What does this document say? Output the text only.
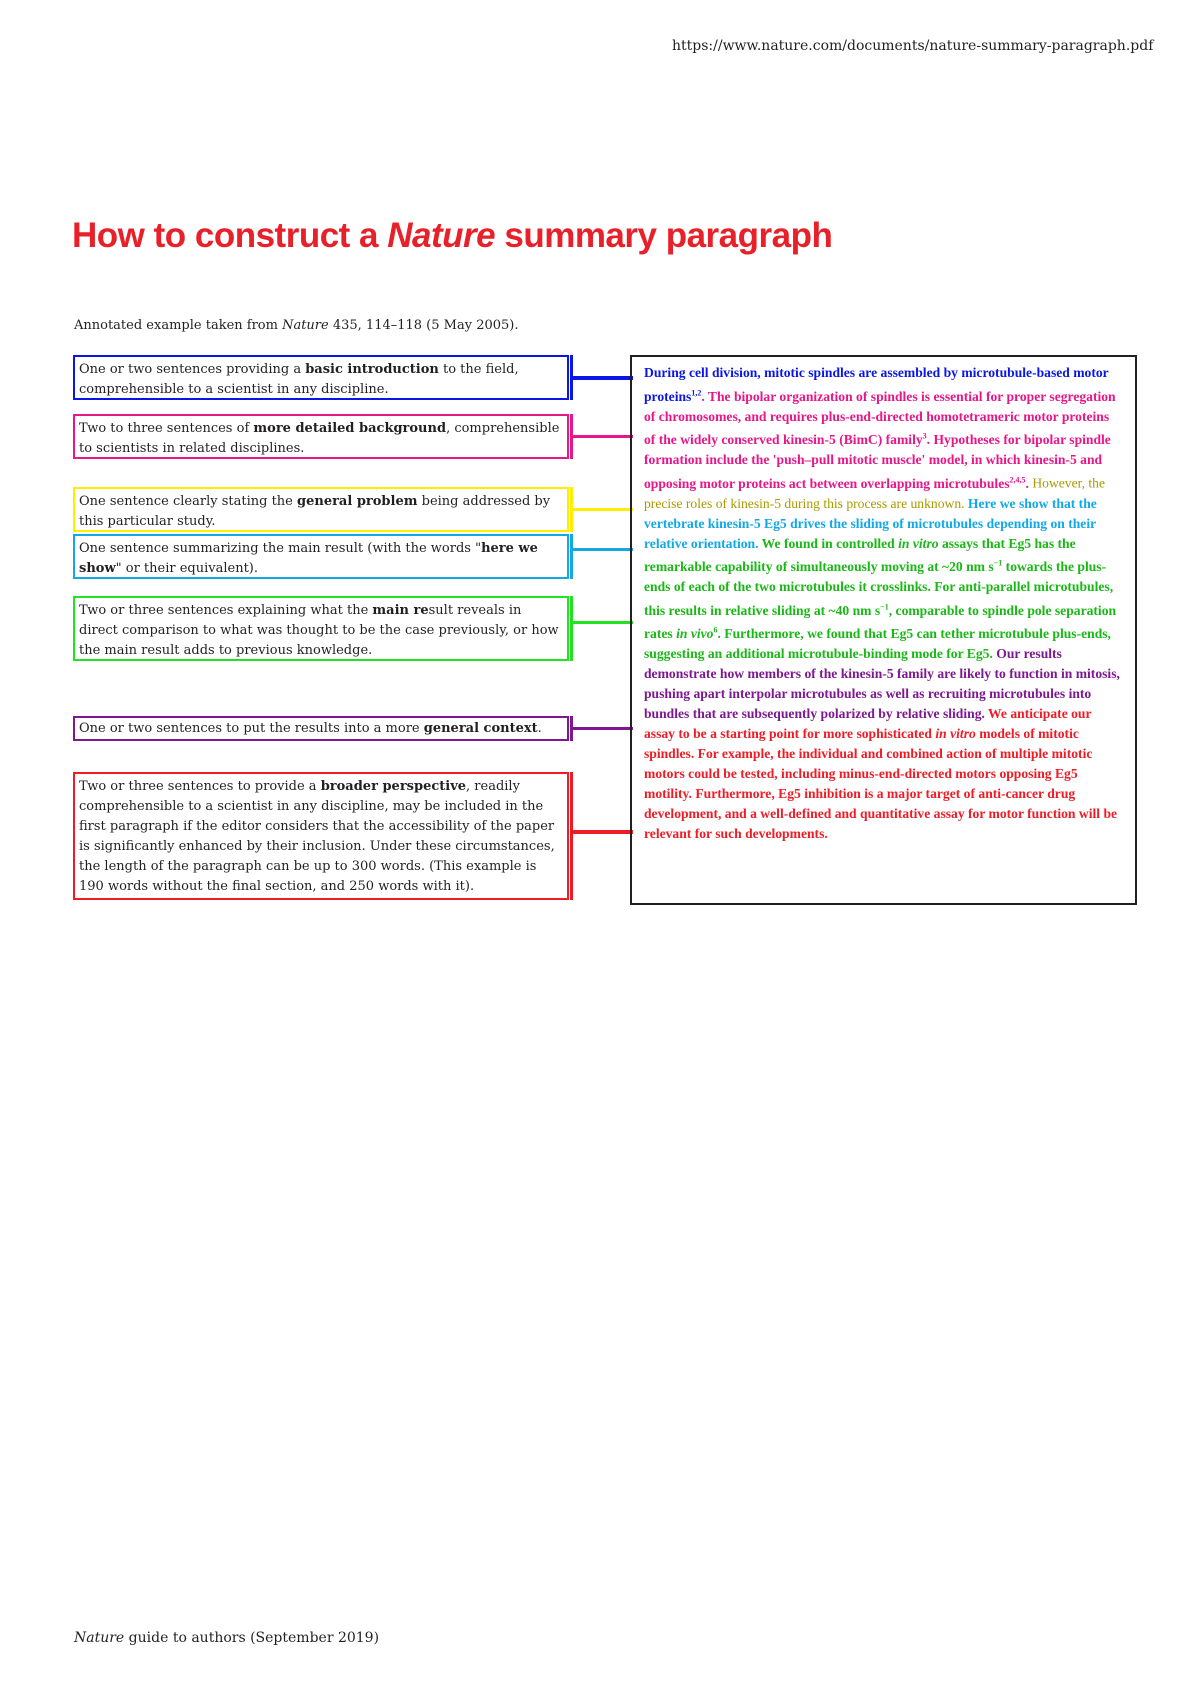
https://www.nature.com/documents/nature-summary-paragraph.pdf
How to construct a Nature summary paragraph
Annotated example taken from Nature 435, 114–118 (5 May 2005).
One or two sentences providing a basic introduction to the field, comprehensible to a scientist in any discipline.
Two to three sentences of more detailed background, comprehensible to scientists in related disciplines.
One sentence clearly stating the general problem being addressed by this particular study.
One sentence summarizing the main result (with the words "here we show" or their equivalent).
Two or three sentences explaining what the main result reveals in direct comparison to what was thought to be the case previously, or how the main result adds to previous knowledge.
One or two sentences to put the results into a more general context.
Two or three sentences to provide a broader perspective, readily comprehensible to a scientist in any discipline, may be included in the first paragraph if the editor considers that the accessibility of the paper is significantly enhanced by their inclusion. Under these circumstances, the length of the paragraph can be up to 300 words. (This example is 190 words without the final section, and 250 words with it).
During cell division, mitotic spindles are assembled by microtubule-based motor proteins$^{1,2}$. The bipolar organization of spindles is essential for proper segregation of chromosomes, and requires plus-end-directed homotetrameric motor proteins of the widely conserved kinesin-5 (BimC) family$^3$. Hypotheses for bipolar spindle formation include the 'push–pull mitotic muscle' model, in which kinesin-5 and opposing motor proteins act between overlapping microtubules$^{2,4,5}$. However, the precise roles of kinesin-5 during this process are unknown. Here we show that the vertebrate kinesin-5 Eg5 drives the sliding of microtubules depending on their relative orientation. We found in controlled in vitro assays that Eg5 has the remarkable capability of simultaneously moving at ~20 nm $s^{-1}$ towards the plus-ends of each of the two microtubules it crosslinks. For anti-parallel microtubules, this results in relative sliding at ~40 nm $s^{-1}$, comparable to spindle pole separation rates in vivo$^6$. Furthermore, we found that Eg5 can tether microtubule plus-ends, suggesting an additional microtubule-binding mode for Eg5. Our results demonstrate how members of the kinesin-5 family are likely to function in mitosis, pushing apart interpolar microtubules as well as recruiting microtubules into bundles that are subsequently polarized by relative sliding. We anticipate our assay to be a starting point for more sophisticated in vitro models of mitotic spindles. For example, the individual and combined action of multiple mitotic motors could be tested, including minus-end-directed motors opposing Eg5 motility. Furthermore, Eg5 inhibition is a major target of anti-cancer drug development, and a well-defined and quantitative assay for motor function will be relevant for such developments.
Nature guide to authors (September 2019)
